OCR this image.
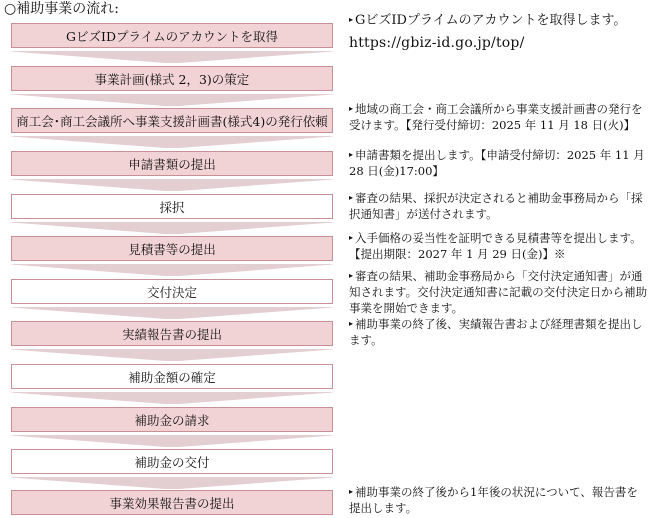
○補助事業の流れ:
GビズIDプライムのアカウントを取得
事業計画(様式 2，3)の策定
商工会･商工会議所へ事業支援計画書(様式4)の発行依頼
申請書類の提出
採択
見積書等の提出
交付決定
実績報告書の提出
補助金額の確定
補助金の請求
補助金の交付
事業効果報告書の提出
▸ GビズIDプライムのアカウントを取得します。
https://gbiz-id.go.jp/top/
▸ 地域の商工会・商工会議所から事業支援計画書の発行を受けます。【発行受付締切：2025 年 11 月 18 日(火)】
▸ 申請書類を提出します。【申請受付締切：2025 年 11 月 28 日(金)17:00】
▸ 審査の結果、採択が決定されると補助金事務局から「採択通知書」が送付されます。
▸ 入手価格の妥当性を証明できる見積書等を提出します。【提出期限：2027 年 1 月 29 日(金)】※
▸ 審査の結果、補助金事務局から「交付決定通知書」が通知されます。交付決定通知書に記載の交付決定日から補助事業を開始できます。
▸ 補助事業の終了後、実績報告書および経理書類を提出します。
▸ 補助事業の終了後から1年後の状況について、報告書を提出します。
